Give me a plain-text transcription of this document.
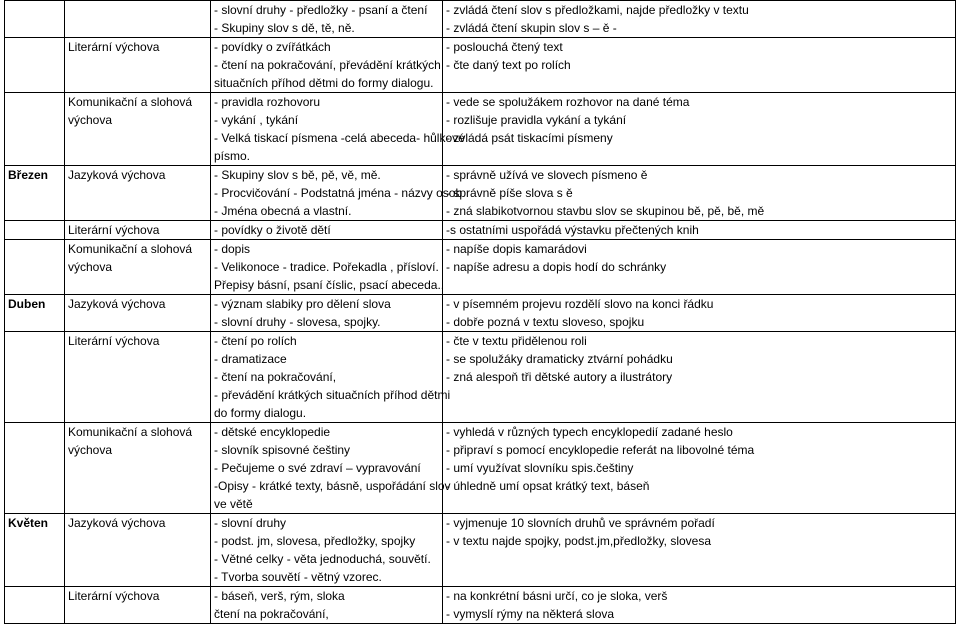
		- slovní druhy - předložky - psaní a čtení
- Skupiny slov s dě, tě, ně.	- zvládá čtení slov s předložkami, najde předložky v textu
- zvládá čtení skupin slov s – ě -

	Literární výchova	- povídky o zvířátkách
- čtení na pokračování, převádění krátkých
situačních příhod dětmi do formy dialogu.	- poslouchá čtený text
- čte daný text po rolích

	Komunikační a slohová výchova	- pravidla rozhovoru
- vykání , tykání
- Velká tiskací písmena -celá abeceda- hůlkové
písmo.	- vede se spolužákem rozhovor na dané téma
- rozlišuje pravidla vykání a tykání
- zvládá psát tiskacími písmeny

Březen	Jazyková výchova	- Skupiny slov s bě, pě, vě, mě.
- Procvičování - Podstatná jména - názvy osob
- Jména obecná a vlastní.	- správně užívá ve slovech písmeno ě
- správně píše slova s ě
- zná slabikotvornou stavbu slov se skupinou bě, pě, bě, mě

	Literární výchova	- povídky o životě dětí	-s ostatními uspořádá výstavku přečtených knih

	Komunikační a slohová výchova	- dopis
- Velikonoce - tradice. Pořekadla , přísloví.
Přepisy básní, psaní číslic, psací abeceda..	- napíše dopis kamarádovi
- napíše adresu a dopis hodí do schránky

Duben	Jazyková výchova	- význam slabiky pro dělení slova
- slovní druhy - slovesa, spojky.	- v písemném projevu rozdělí slovo na konci řádku
- dobře pozná v textu sloveso, spojku

	Literární výchova	- čtení po rolích
- dramatizace
- čtení na pokračování,
- převádění krátkých situačních příhod dětmi
do formy dialogu.	- čte v textu přidělenou roli
- se spolužáky dramaticky ztvární pohádku
- zná alespoň tři dětské autory a ilustrátory

	Komunikační a slohová výchova	- dětské encyklopedie
- slovník spisovné češtiny
- Pečujeme o své zdraví – vypravování
-Opisy - krátké texty, básně, uspořádání slov
ve větě	- vyhledá v různých typech encyklopedií zadané heslo
- připraví s pomocí encyklopedie referát na libovolné téma
- umí využívat slovníku spis.češtiny
- úhledně umí opsat krátký text, báseň

Květen	Jazyková výchova	- slovní druhy
- podst. jm, slovesa, předložky, spojky
- Větné celky - věta jednoduchá, souvětí.
- Tvorba souvětí - větný vzorec.	- vyjmenuje 10 slovních druhů ve správném pořadí
- v textu najde spojky, podst.jm,předložky, slovesa

	Literární výchova	- báseň, verš, rým, sloka
čtení na pokračování,	- na konkrétní básni určí, co je sloka, verš
- vymyslí rýmy na některá slova
